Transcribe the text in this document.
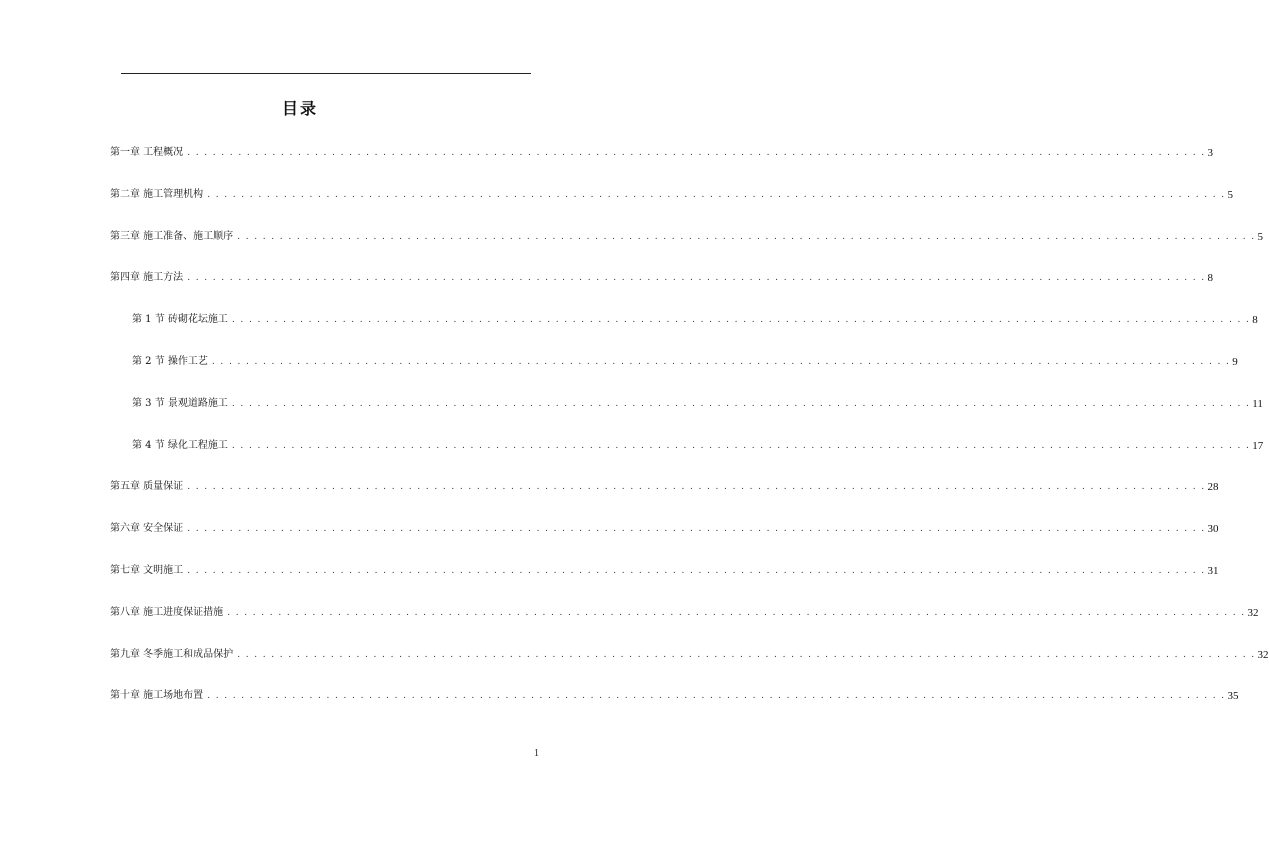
目录
第一章 工程概况 . . . . . . . . . . . . . . . . . . . . . . . . . . . . . . . . . . . . . . . . . . . . . . . . . . . . . . . . . . . . . . . . . . . . . . . . . . . . . . . . . . . . . . . . . . . . . . . . . . . . . . . . . . . . . . . . . . . . . . . . 3
第二章 施工管理机构 . . . . . . . . . . . . . . . . . . . . . . . . . . . . . . . . . . . . . . . . . . . . . . . . . . . . . . . . . . . . . . . . . . . . . . . . . . . . . . . . . . . . . . . . . . . . . . . . . . . . . . . . . . . . . . . . . . . . . . . . 5
第三章 施工准备、施工顺序 . . . . . . . . . . . . . . . . . . . . . . . . . . . . . . . . . . . . . . . . . . . . . . . . . . . . . . . . . . . . . . . . . . . . . . . . . . . . . . . . . . . . . . . . . . . . . . . . . . . . . . . . . . . . . . . . . . . . . . . . 5
第四章 施工方法 . . . . . . . . . . . . . . . . . . . . . . . . . . . . . . . . . . . . . . . . . . . . . . . . . . . . . . . . . . . . . . . . . . . . . . . . . . . . . . . . . . . . . . . . . . . . . . . . . . . . . . . . . . . . . . . . . . . . . . . . 8
第 1 节 砖砌花坛施工 . . . . . . . . . . . . . . . . . . . . . . . . . . . . . . . . . . . . . . . . . . . . . . . . . . . . . . . . . . . . . . . . . . . . . . . . . . . . . . . . . . . . . . . . . . . . . . . . . . . . . . . . . . . . . . . . . . . . . . . . 8
第 2 节 操作工艺 . . . . . . . . . . . . . . . . . . . . . . . . . . . . . . . . . . . . . . . . . . . . . . . . . . . . . . . . . . . . . . . . . . . . . . . . . . . . . . . . . . . . . . . . . . . . . . . . . . . . . . . . . . . . . . . . . . . . . . . . 9
第 3 节 景观道路施工 . . . . . . . . . . . . . . . . . . . . . . . . . . . . . . . . . . . . . . . . . . . . . . . . . . . . . . . . . . . . . . . . . . . . . . . . . . . . . . . . . . . . . . . . . . . . . . . . . . . . . . . . . . . . . . . . . . . . . . . . 11
第 4 节 绿化工程施工 . . . . . . . . . . . . . . . . . . . . . . . . . . . . . . . . . . . . . . . . . . . . . . . . . . . . . . . . . . . . . . . . . . . . . . . . . . . . . . . . . . . . . . . . . . . . . . . . . . . . . . . . . . . . . . . . . . . . . . . . 17
第五章 质量保证 . . . . . . . . . . . . . . . . . . . . . . . . . . . . . . . . . . . . . . . . . . . . . . . . . . . . . . . . . . . . . . . . . . . . . . . . . . . . . . . . . . . . . . . . . . . . . . . . . . . . . . . . . . . . . . . . . . . . . . . . 28
第六章 安全保证 . . . . . . . . . . . . . . . . . . . . . . . . . . . . . . . . . . . . . . . . . . . . . . . . . . . . . . . . . . . . . . . . . . . . . . . . . . . . . . . . . . . . . . . . . . . . . . . . . . . . . . . . . . . . . . . . . . . . . . . . 30
第七章 文明施工 . . . . . . . . . . . . . . . . . . . . . . . . . . . . . . . . . . . . . . . . . . . . . . . . . . . . . . . . . . . . . . . . . . . . . . . . . . . . . . . . . . . . . . . . . . . . . . . . . . . . . . . . . . . . . . . . . . . . . . . . 31
第八章 施工进度保证措施 . . . . . . . . . . . . . . . . . . . . . . . . . . . . . . . . . . . . . . . . . . . . . . . . . . . . . . . . . . . . . . . . . . . . . . . . . . . . . . . . . . . . . . . . . . . . . . . . . . . . . . . . . . . . . . . . . . . . . . . . 32
第九章 冬季施工和成品保护 . . . . . . . . . . . . . . . . . . . . . . . . . . . . . . . . . . . . . . . . . . . . . . . . . . . . . . . . . . . . . . . . . . . . . . . . . . . . . . . . . . . . . . . . . . . . . . . . . . . . . . . . . . . . . . . . . . . . . . . . 32
第十章 施工场地布置 . . . . . . . . . . . . . . . . . . . . . . . . . . . . . . . . . . . . . . . . . . . . . . . . . . . . . . . . . . . . . . . . . . . . . . . . . . . . . . . . . . . . . . . . . . . . . . . . . . . . . . . . . . . . . . . . . . . . . . . . 35
1
